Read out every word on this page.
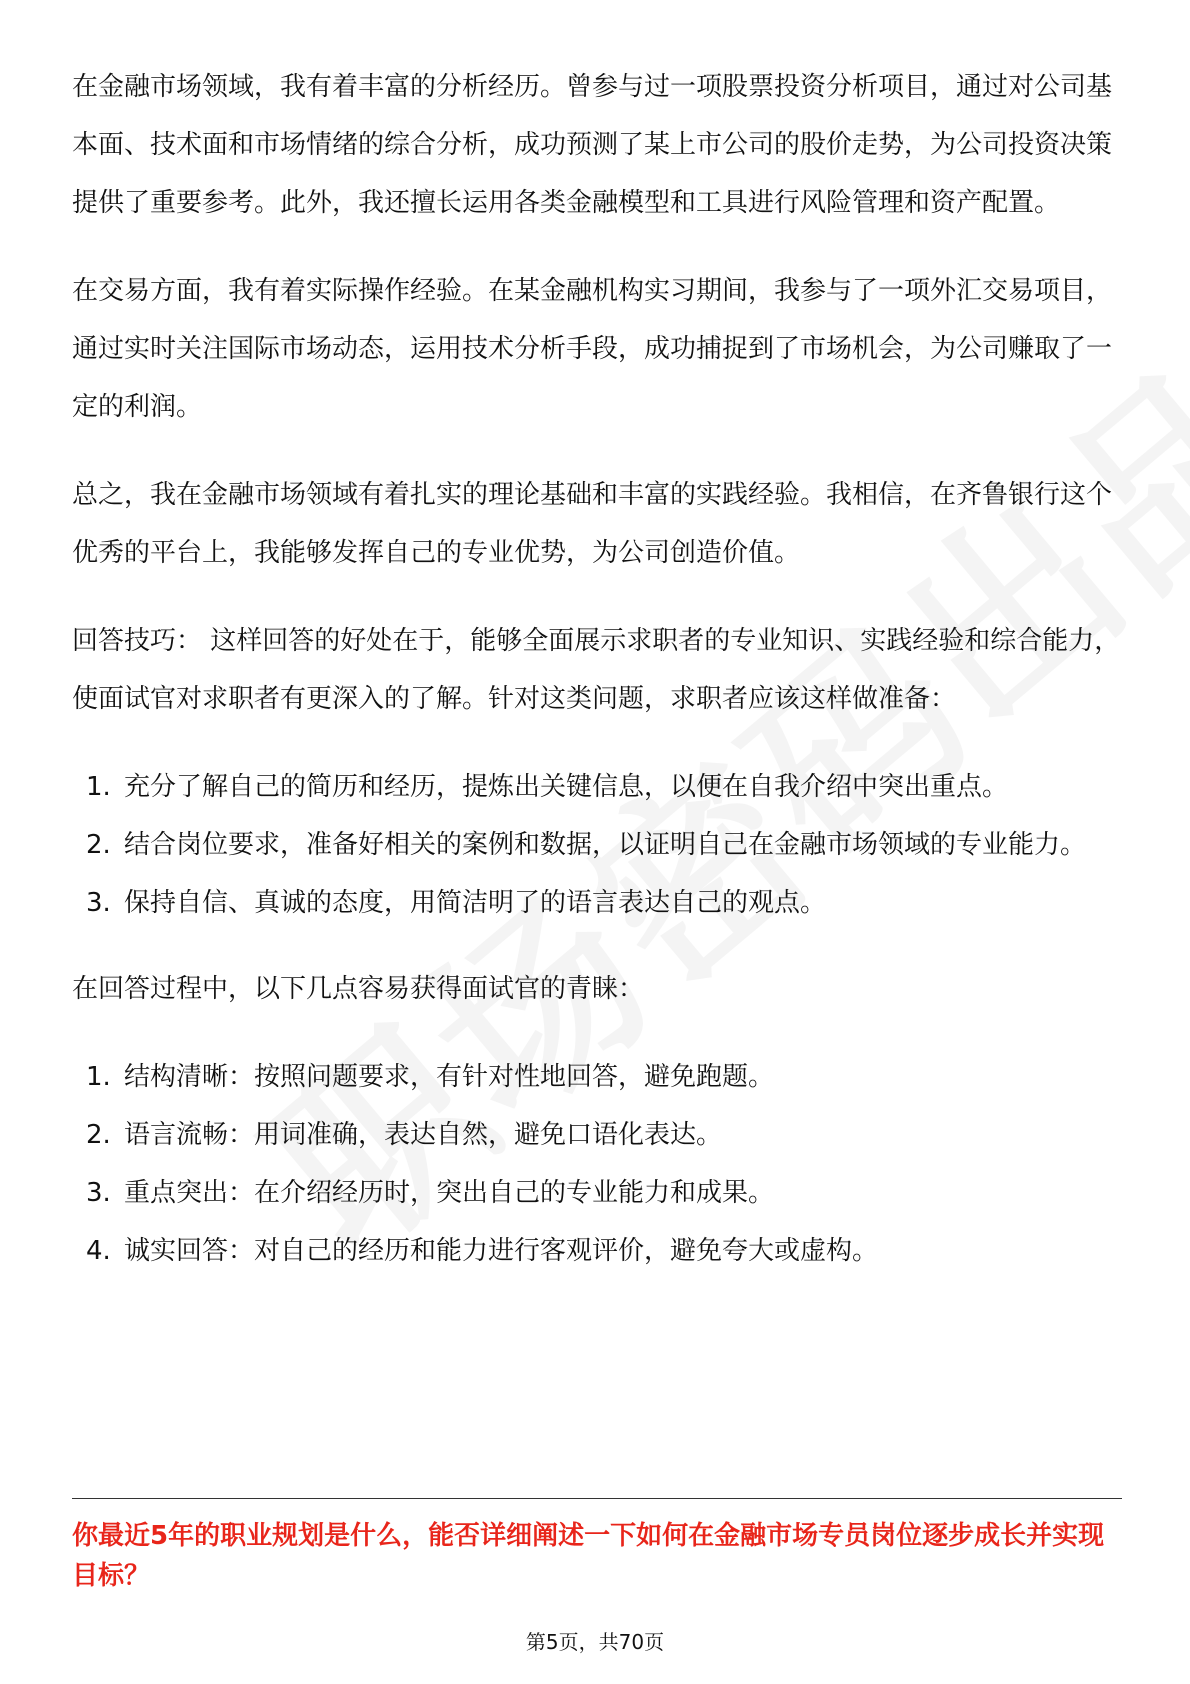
在金融市场领域，我有着丰富的分析经历。曾参与过一项股票投资分析项目，通过对公司基本面、技术面和市场情绪的综合分析，成功预测了某上市公司的股价走势，为公司投资决策提供了重要参考。此外，我还擅长运用各类金融模型和工具进行风险管理和资产配置。

在交易方面，我有着实际操作经验。在某金融机构实习期间，我参与了一项外汇交易项目，通过实时关注国际市场动态，运用技术分析手段，成功捕捉到了市场机会，为公司赚取了一定的利润。

总之，我在金融市场领域有着扎实的理论基础和丰富的实践经验。我相信，在齐鲁银行这个优秀的平台上，我能够发挥自己的专业优势，为公司创造价值。

回答技巧： 这样回答的好处在于，能够全面展示求职者的专业知识、实践经验和综合能力，使面试官对求职者有更深入的了解。针对这类问题，求职者应该这样做准备：

1. 充分了解自己的简历和经历，提炼出关键信息，以便在自我介绍中突出重点。
2. 结合岗位要求，准备好相关的案例和数据，以证明自己在金融市场领域的专业能力。
3. 保持自信、真诚的态度，用简洁明了的语言表达自己的观点。

在回答过程中，以下几点容易获得面试官的青睐：

1. 结构清晰：按照问题要求，有针对性地回答，避免跑题。
2. 语言流畅：用词准确，表达自然，避免口语化表达。
3. 重点突出：在介绍经历时，突出自己的专业能力和成果。
4. 诚实回答：对自己的经历和能力进行客观评价，避免夸大或虚构。

你最近5年的职业规划是什么，能否详细阐述一下如何在金融市场专员岗位逐步成长并实现目标？

第5页，共70页
